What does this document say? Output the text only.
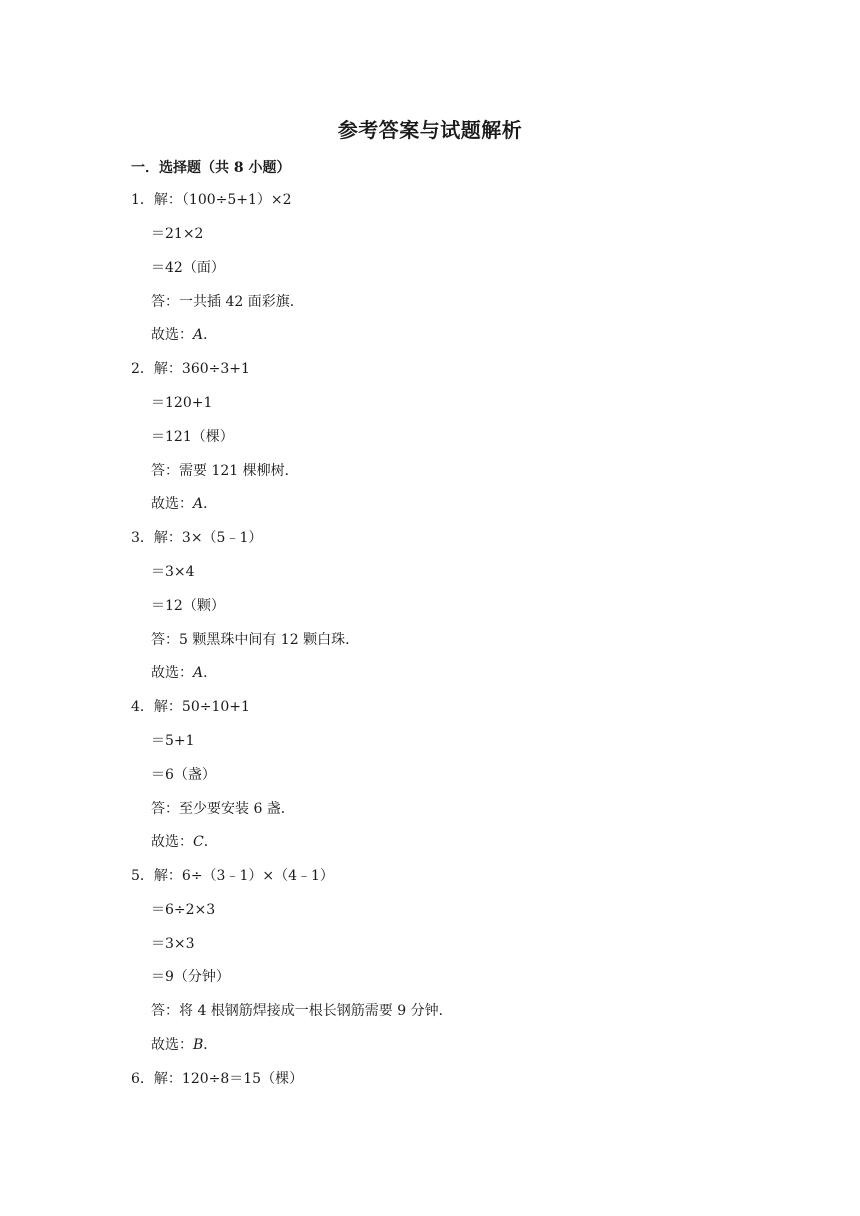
参考答案与试题解析
一．选择题（共 8 小题）
1．解：（100÷5+1）×2
＝21×2
＝42（面）
答：一共插 42 面彩旗．
故选：A．
2．解：360÷3+1
＝120+1
＝121（棵）
答：需要 121 棵柳树．
故选：A．
3．解：3×（5﹣1）
＝3×4
＝12（颗）
答：5 颗黑珠中间有 12 颗白珠．
故选：A．
4．解：50÷10+1
＝5+1
＝6（盏）
答：至少要安装 6 盏．
故选：C．
5．解：6÷（3﹣1）×（4﹣1）
＝6÷2×3
＝3×3
＝9（分钟）
答：将 4 根钢筋焊接成一根长钢筋需要 9 分钟．
故选：B．
6．解：120÷8＝15（棵）
